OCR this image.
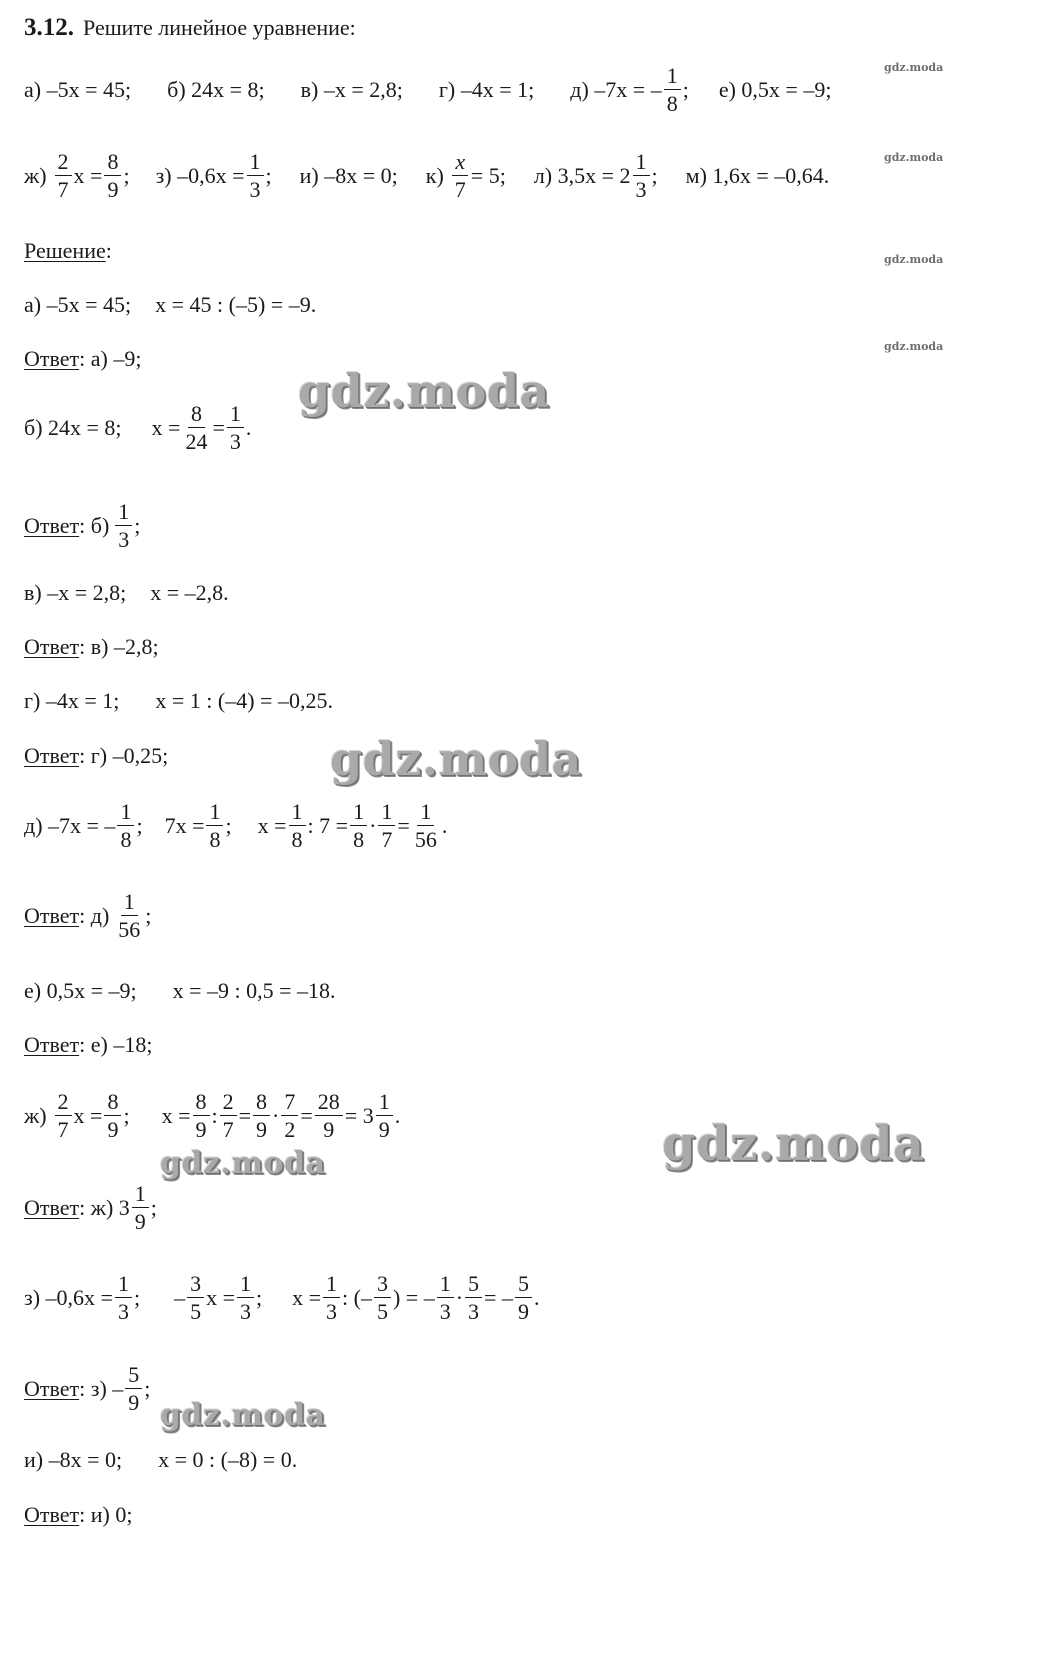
3.12. Решите линейное уравнение:
а) –5x = 45; б) 24x = 8; в) –x = 2,8; г) –4x = 1; д) –7x = – $\frac{1}{8}$ ; е) 0,5x = –9;
$ж) \frac{2}{7}$ $x = \frac{8}{9}$ ; з) $-0,6x = \frac{1}{3}$ ; и) –8x = 0; $к) \frac{x}{7} = 5$; л) $3,5x = 2 \frac{1}{3}$ ; м) 1,6x = –0,64.
Решение :
а) –5x = 45; x = 45 : (–5) = –9.
Ответ : а) –9;
б) 24x = 8; $x = \frac{8}{24} = \frac{1}{3}$ .
Ответ : $б) \frac{1}{3}$ ;
в) –x = 2,8; x = –2,8.
Ответ : в) –2,8;
г) –4x = 1; x = 1 : (–4) = –0,25.
Ответ : г) –0,25;
д) –7x = – $\frac{1}{8}$ ; $7x = \frac{1}{8}$ ; $x = \frac{1}{8}$ : $7 = \frac{1}{8} \cdot \frac{1}{7} = \frac{1}{56}$ .
Ответ : $д) \frac{1}{56}$ ;
е) 0,5x = –9; x = –9 : 0,5 = –18.
Ответ : е) –18;
$ж) \frac{2}{7}$ $x = \frac{8}{9}$ ; $x = \frac{8}{9}$ : $\frac{2}{7} = \frac{8}{9} \cdot \frac{7}{2} = \frac{28}{9} = 3 \frac{1}{9}$ .
Ответ : ж) $3 \frac{1}{9}$ ;
з) $-0,6x = \frac{1}{3}$ ; – $\frac{3}{5}$ $x = \frac{1}{3}$ ; $x = \frac{1}{3}$ : (– $\frac{3}{5}$ ) = – $\frac{1}{3} \cdot \frac{5}{3}$ = – $\frac{5}{9}$ .
Ответ : $з) - \frac{5}{9}$ ;
и) –8x = 0; x = 0 : (–8) = 0.
Ответ : и) 0;
gdz.moda
gdz.moda
gdz.moda
gdz.moda
gdz.moda
gdz.moda
gdz.moda
gdz.moda
gdz.moda
